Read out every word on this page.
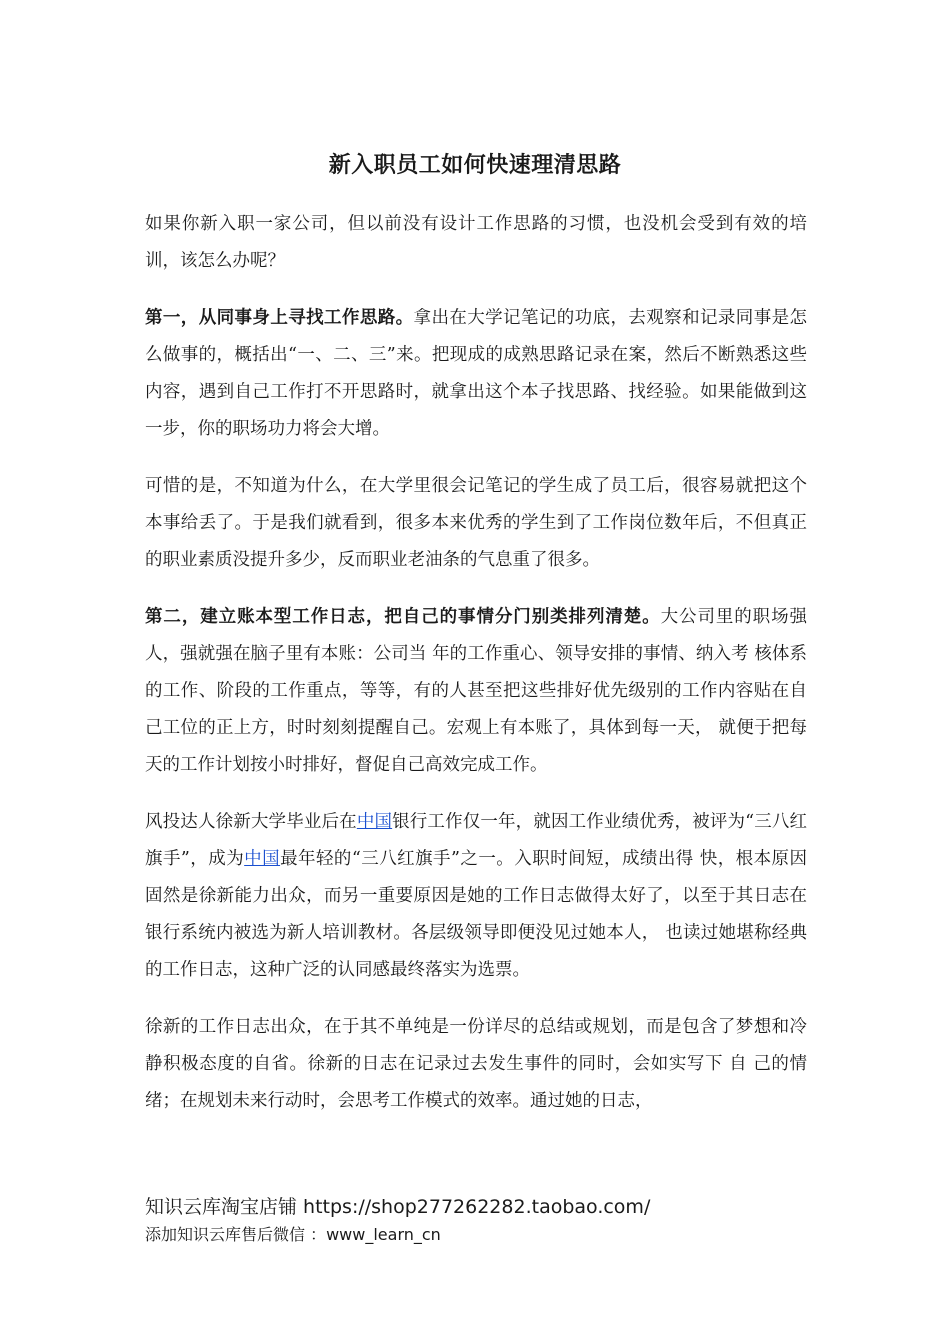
新入职员工如何快速理清思路

如果你新入职一家公司，但以前没有设计工作思路的习惯，也没机会受到有效的培训，该怎么办呢？

第一，从同事身上寻找工作思路。拿出在大学记笔记的功底，去观察和记录同事是怎么做事的，概括出“一、二、三”来。把现成的成熟思路记录在案，然后不断熟悉这些内容，遇到自己工作打不开思路时，就拿出这个本子找思路、找经验。如果能做到这一步，你的职场功力将会大增。

可惜的是，不知道为什么，在大学里很会记笔记的学生成了员工后，很容易就把这个本事给丢了。于是我们就看到，很多本来优秀的学生到了工作岗位数年后，不但真正的职业素质没提升多少，反而职业老油条的气息重了很多。

第二，建立账本型工作日志，把自己的事情分门别类排列清楚。大公司里的职场强人，强就强在脑子里有本账：公司当 年的工作重心、领导安排的事情、纳入考 核体系的工作、阶段的工作重点，等等，有的人甚至把这些排好优先级别的工作内容贴在自己工位的正上方，时时刻刻提醒自己。宏观上有本账了，具体到每一天， 就便于把每天的工作计划按小时排好，督促自己高效完成工作。

风投达人徐新大学毕业后在中国银行工作仅一年，就因工作业绩优秀，被评为“三八红旗手”，成为中国最年轻的“三八红旗手”之一。入职时间短，成绩出得 快，根本原因固然是徐新能力出众，而另一重要原因是她的工作日志做得太好了，以至于其日志在银行系统内被选为新人培训教材。各层级领导即便没见过她本人， 也读过她堪称经典的工作日志，这种广泛的认同感最终落实为选票。

徐新的工作日志出众，在于其不单纯是一份详尽的总结或规划，而是包含了梦想和冷静积极态度的自省。徐新的日志在记录过去发生事件的同时，会如实写下 自 己的情绪；在规划未来行动时，会思考工作模式的效率。通过她的日志，

知识云库淘宝店铺 https://shop277262282.taobao.com/
添加知识云库售后微信 ：www_learn_cn
